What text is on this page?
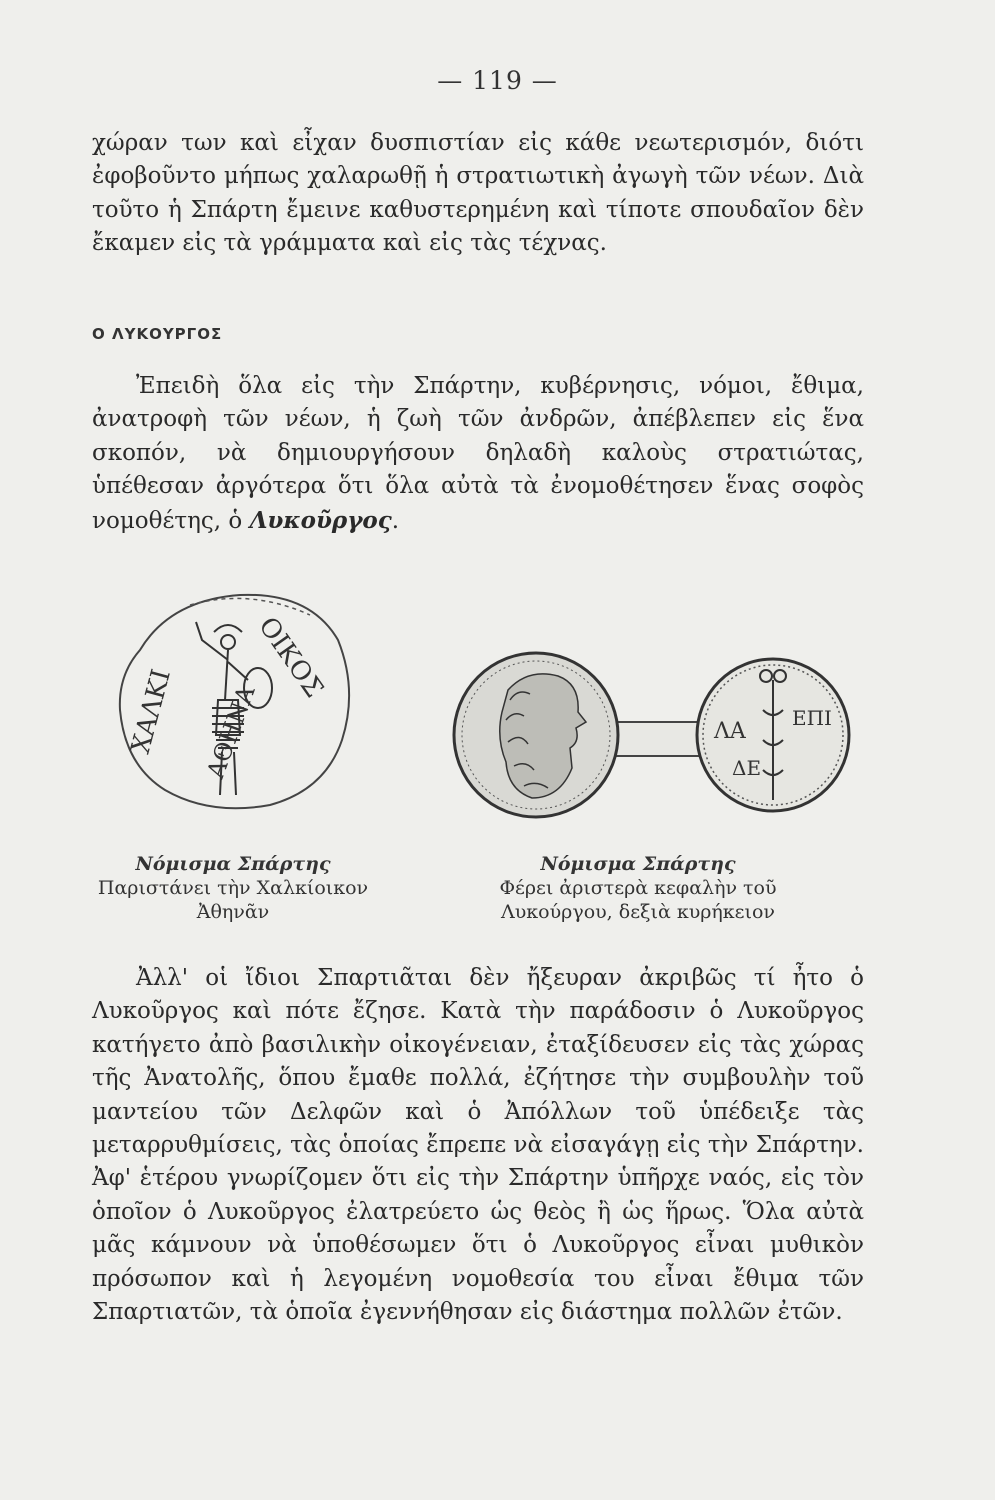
— 119 —

χώραν των καὶ εἶχαν δυσπιστίαν εἰς κάθε νεωτερισμόν, διότι ἐφοβοῦντο μήπως χαλαρωθῇ ἡ στρατιωτικὴ ἀγωγὴ τῶν νέων. Διὰ τοῦτο ἡ Σπάρτη ἔμεινε καθυστερημένη καὶ τίποτε σπουδαῖον δὲν ἔκαμεν εἰς τὰ γράμματα καὶ εἰς τὰς τέχνας.

Ο ΛΥΚΟΥΡΓΟΣ

Ἐπειδὴ ὅλα εἰς τὴν Σπάρτην, κυβέρνησις, νόμοι, ἔθιμα, ἀνατροφὴ τῶν νέων, ἡ ζωὴ τῶν ἀνδρῶν, ἀπέβλεπεν εἰς ἕνα σκοπόν, νὰ δημιουργήσουν δηλαδὴ καλοὺς στρατιώτας, ὑπέθεσαν ἀργότερα ὅτι ὅλα αὐτὰ τὰ ἐνομοθέτησεν ἕνας σοφὸς νομοθέτης, ὁ Λυκοῦργος.

ΧΑΛΚΙ
ΟΙΚΟΣ
ΑΘΗΝΑ	ΛΑ
ΕΠΙ
ΔΕ
Νόμισμα Σπάρτης
Παριστάνει τὴν Χαλκίοικον Ἀθηνᾶν
Νόμισμα Σπάρτης
Φέρει ἀριστερὰ κεφαλὴν τοῦ Λυκούργου, δεξιὰ κυρήκειον

Ἀλλ' οἱ ἴδιοι Σπαρτιᾶται δὲν ἤξευραν ἀκριβῶς τί ἦτο ὁ Λυκοῦργος καὶ πότε ἔζησε. Κατὰ τὴν παράδοσιν ὁ Λυκοῦργος κατήγετο ἀπὸ βασιλικὴν οἰκογένειαν, ἐταξίδευσεν εἰς τὰς χώρας τῆς Ἀνατολῆς, ὅπου ἔμαθε πολλά, ἐζήτησε τὴν συμβουλὴν τοῦ μαντείου τῶν Δελφῶν καὶ ὁ Ἀπόλλων τοῦ ὑπέδειξε τὰς μεταρρυθμίσεις, τὰς ὁποίας ἔπρεπε νὰ εἰσαγάγῃ εἰς τὴν Σπάρτην. Ἀφ' ἑτέρου γνωρίζομεν ὅτι εἰς τὴν Σπάρτην ὑπῆρχε ναός, εἰς τὸν ὁποῖον ὁ Λυκοῦργος ἐλατρεύετο ὡς θεὸς ἢ ὡς ἥρως. Ὅλα αὐτὰ μᾶς κάμνουν νὰ ὑποθέσωμεν ὅτι ὁ Λυκοῦργος εἶναι μυθικὸν πρόσωπον καὶ ἡ λεγομένη νομοθεσία του εἶναι ἔθιμα τῶν Σπαρτιατῶν, τὰ ὁποῖα ἐγεννήθησαν εἰς διάστημα πολλῶν ἐτῶν.
